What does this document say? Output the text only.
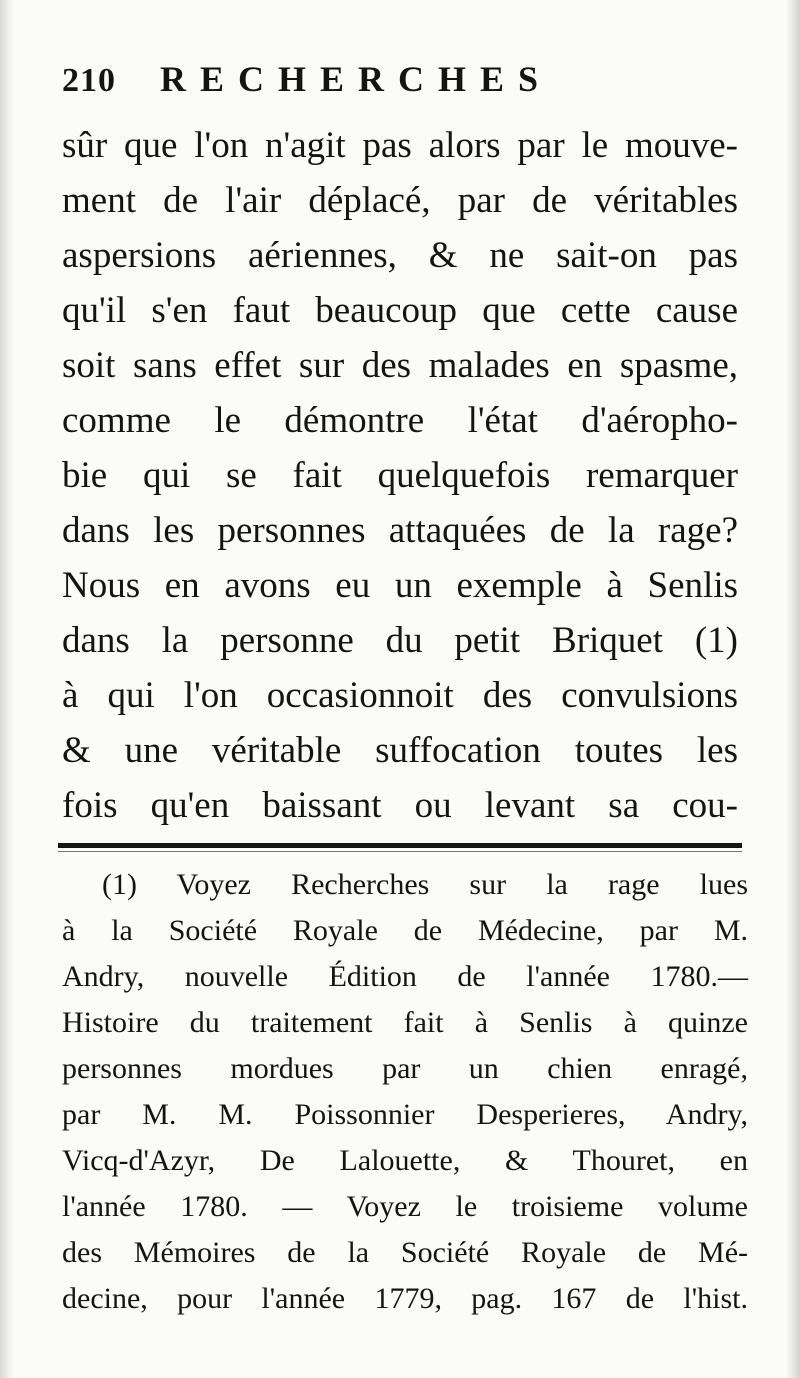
210	RECHERCHES
sûr que l'on n'agit pas alors par le mouve-
ment de l'air déplacé, par de véritables
aspersions aériennes, & ne sait-on pas
qu'il s'en faut beaucoup que cette cause
soit sans effet sur des malades en spasme,
comme le démontre l'état d'aéropho-
bie qui se fait quelquefois remarquer
dans les personnes attaquées de la rage?
Nous en avons eu un exemple à Senlis
dans la personne du petit Briquet (1)
à qui l'on occasionnoit des convulsions
& une véritable suffocation toutes les
fois qu'en baissant ou levant sa cou-
(1) Voyez Recherches sur la rage lues
à la Société Royale de Médecine, par M.
Andry, nouvelle Édition de l'année 1780.—
Histoire du traitement fait à Senlis à quinze
personnes mordues par un chien enragé,
par M. M. Poissonnier Desperieres, Andry,
Vicq-d'Azyr, De Lalouette, & Thouret, en
l'année 1780. — Voyez le troisieme volume
des Mémoires de la Société Royale de Mé-
decine, pour l'année 1779, pag. 167 de l'hist.
